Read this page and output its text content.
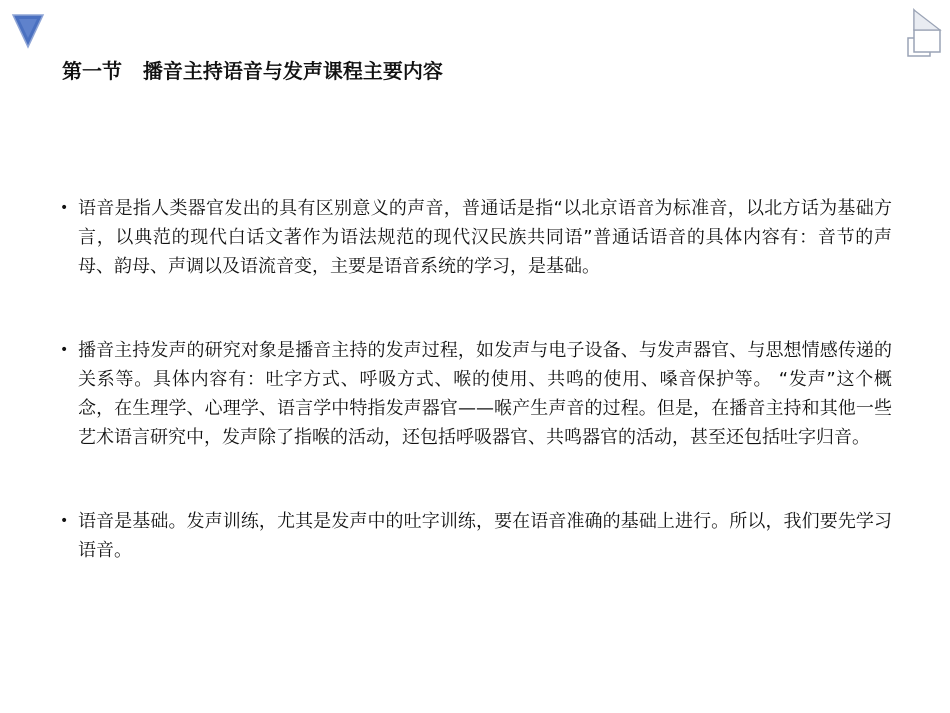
第一节   播音主持语音与发声课程主要内容
• 语音是指人类器官发出的具有区别意义的声音，普通话是指“以北京语音为标准音，以北方话为基础方言，以典范的现代白话文著作为语法规范的现代汉民族共同语”普通话语音的具体内容有：音节的声母、韵母、声调以及语流音变，主要是语音系统的学习，是基础。
• 播音主持发声的研究对象是播音主持的发声过程，如发声与电子设备、与发声器官、与思想情感传递的关系等。具体内容有：吐字方式、呼吸方式、喉的使用、共鸣的使用、嗓音保护等。 “发声”这个概念，在生理学、心理学、语言学中特指发声器官——喉产生声音的过程。但是，在播音主持和其他一些艺术语言研究中，发声除了指喉的活动，还包括呼吸器官、共鸣器官的活动，甚至还包括吐字归音。
• 语音是基础。发声训练，尤其是发声中的吐字训练，要在语音准确的基础上进行。所以，我们要先学习语音。
